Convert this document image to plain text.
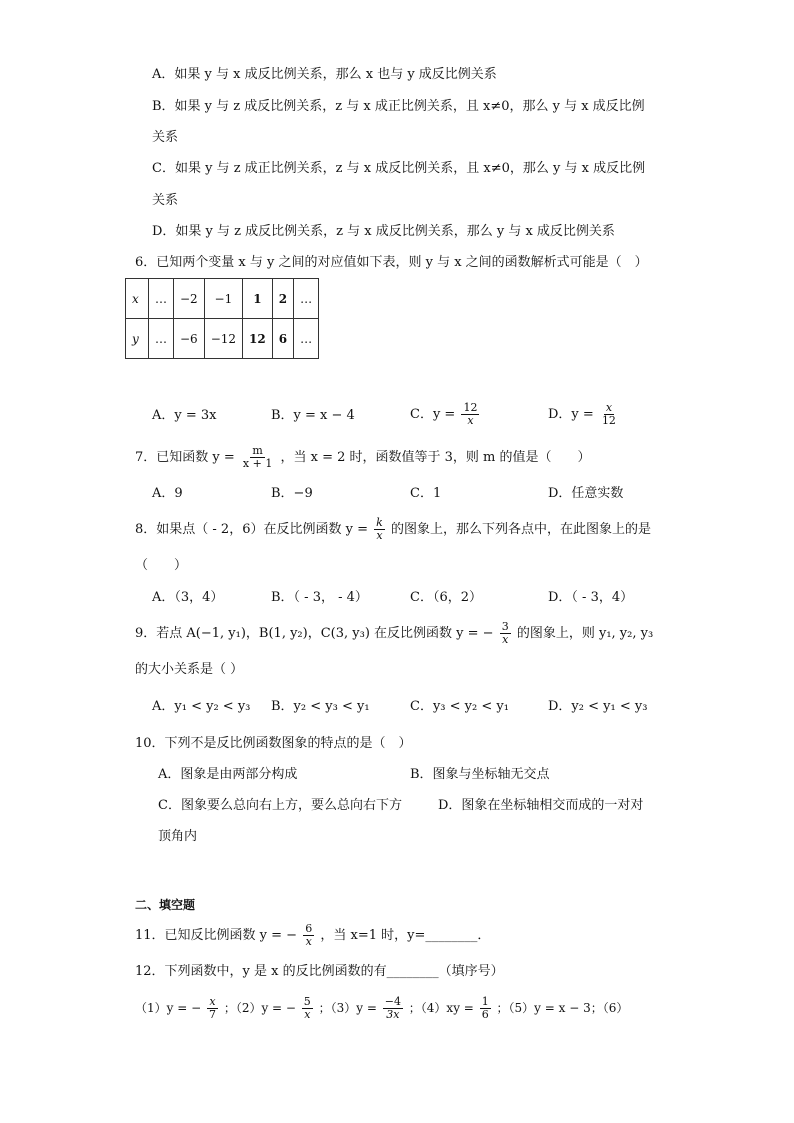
A．如果 y 与 x 成反比例关系，那么 x 也与 y 成反比例关系
B．如果 y 与 z 成反比例关系，z 与 x 成正比例关系，且 x≠0，那么 y 与 x 成反比例
关系
C．如果 y 与 z 成正比例关系，z 与 x 成反比例关系，且 x≠0，那么 y 与 x 成反比例
关系
D．如果 y 与 z 成反比例关系，z 与 x 成反比例关系，那么 y 与 x 成反比例关系
6．已知两个变量 x 与 y 之间的对应值如下表，则 y 与 x 之间的函数解析式可能是（　）
x	…	−2	−1	1	2	…
y	…	−6	−12	12	6	…
A．y = 3x	B．y = x − 4	C．$y = \frac{12}{x}$	D．$y = \frac{x}{12}$
7．已知函数 $y = \frac{m}{x + 1}$ ，当 x = 2 时，函数值等于 3，则 m 的值是（　　）
A．9	B．−9	C．1	D．任意实数
8．如果点（ - 2，6）在反比例函数 $y = \frac{k}{x}$ 的图象上，那么下列各点中，在此图象上的是
（　　）
A．（3，4）	B．（ - 3， - 4）	C．（6，2）	D．（ - 3，4）
9．若点 A(−1, y₁)，B(1, y₂)，C(3, y₃) 在反比例函数 y = − $\frac{3}{x}$ 的图象上，则 y₁, y₂, y₃
的大小关系是（ ）
A．y₁ < y₂ < y₃ B．y₂ < y₃ < y₁	C．y₃ < y₂ < y₁	D．y₂ < y₁ < y₃
10．下列不是反比例函数图象的特点的是（　）
A．图象是由两部分构成	B．图象与坐标轴无交点
C．图象要么总向右上方，要么总向右下方	D．图象在坐标轴相交而成的一对对
顶角内
二、填空题
11．已知反比例函数 y = − $\frac{6}{x}$ ，当 x=1 时，y=________．
12．下列函数中，y 是 x 的反比例函数的有________（填序号）
（1）y = − $\frac{x}{7}$ ；（2）y = − $\frac{5}{x}$ ；$(3)y = \frac{-4}{3x}$ ；$(4)xy = \frac{1}{6}$ ；（5）y = x − 3；（6）
